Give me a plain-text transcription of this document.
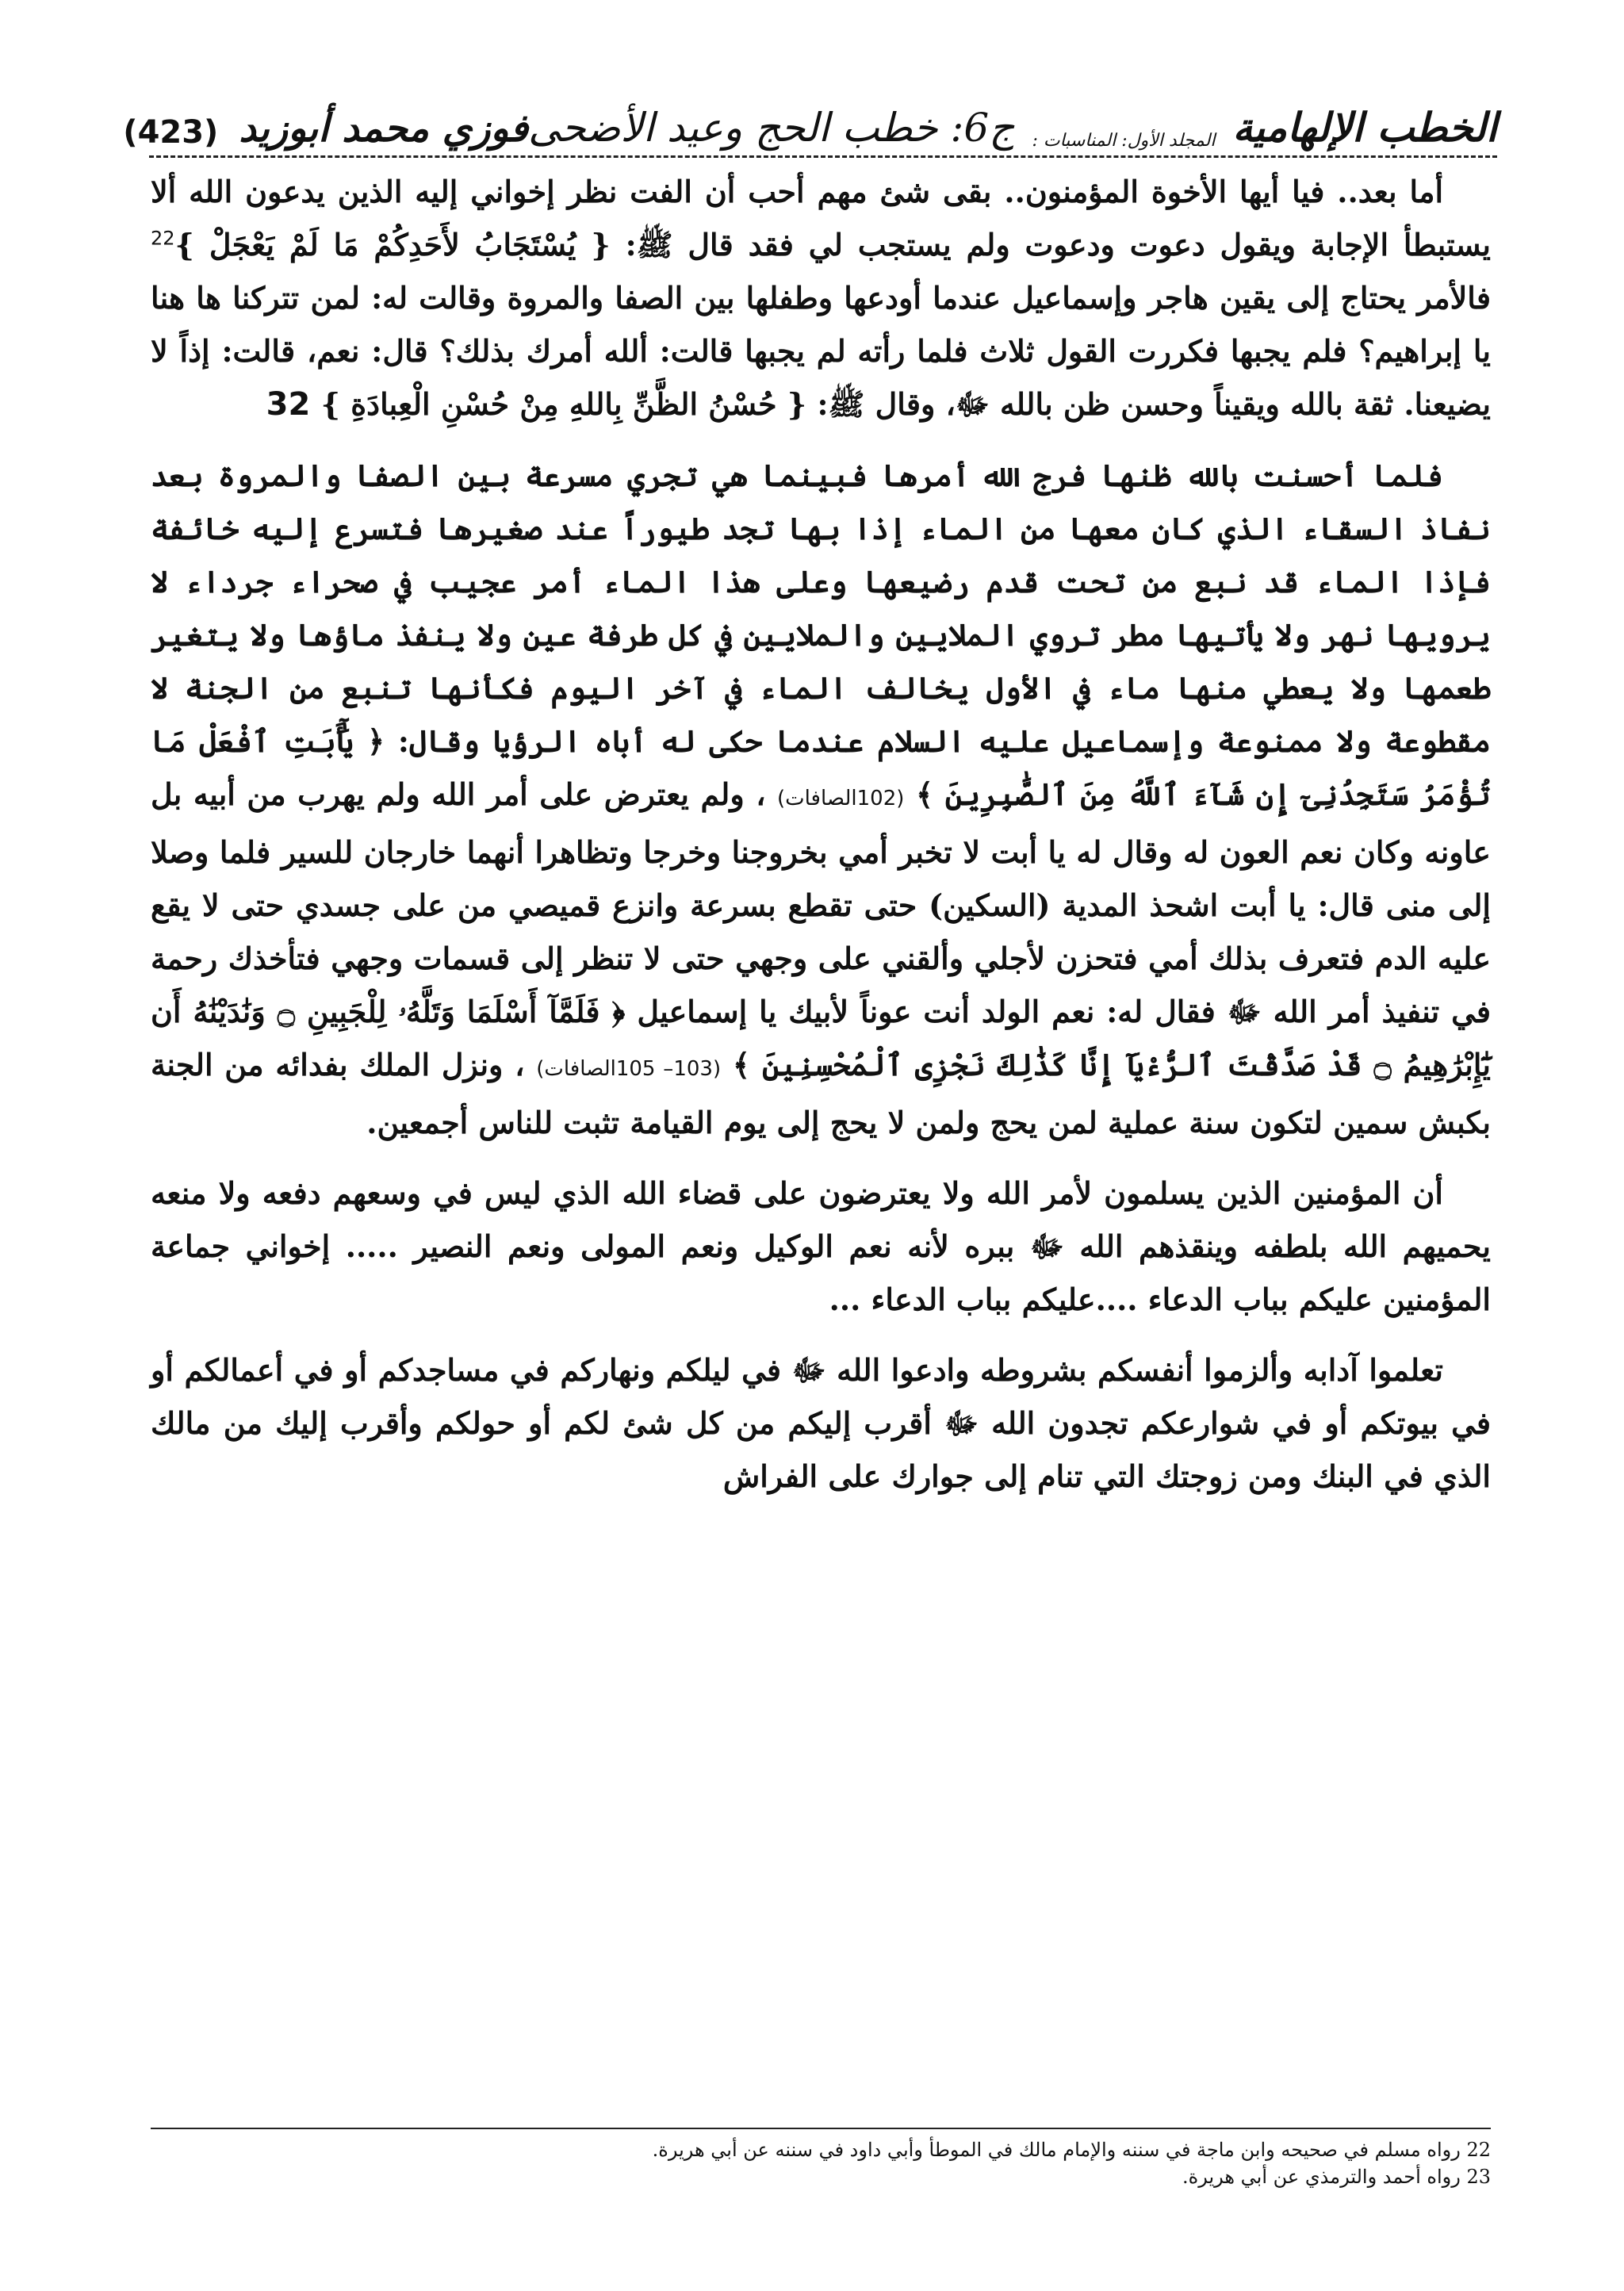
الخطب الإلهامية
المجلد الأول: المناسبات :
ج6: خطب الحج وعيد الأضحى
فوزي محمد أبوزيد
(423)

أما بعد.. فيا أيها الأخوة المؤمنون.. بقى شئ مهم أحب أن الفت نظر إخواني إليه الذين يدعون الله ألا يستبطأ الإجابة ويقول دعوت ودعوت ولم يستجب لي فقد قال ﷺ: { يُسْتَجَابُ لأَحَدِكُمْ مَا لَمْ يَعْجَلْ }$^{22}$ فالأمر يحتاج إلى يقين هاجر وإسماعيل عندما أودعها وطفلها بين الصفا والمروة وقالت له: لمن تتركنا ها هنا يا إبراهيم؟ فلم يجبها فكررت القول ثلاث فلما رأته لم يجبها قالت: ألله أمرك بذلك؟ قال: نعم، قالت: إذاً لا يضيعنا. ثقة بالله ويقيناً وحسن ظن بالله ﷻ، وقال ﷺ: { حُسْنُ الظَّنِّ بِاللهِ مِنْ حُسْنِ الْعِبادَةِ } 32

فلما أحسنت بالله ظنها فرج الله أمرها فبينما هي تجري مسرعة بين الصفا والمروة بعد نفاذ السقاء الذي كان معها من الماء إذا بها تجد طيوراً عند صغيرها فتسرع إليه خائفة فإذا الماء قد نبع من تحت قدم رضيعها وعلى هذا الماء أمر عجيب في صحراء جرداء لا يرويها نهر ولا يأتيها مطر تروي الملايين والملايين في كل طرفة عين ولا ينفذ ماؤها ولا يتغير طعمها ولا يعطي منها ماء في الأول يخالف الماء في آخر اليوم فكأنها تنبع من الجنة لا مقطوعة ولا ممنوعة وإسماعيل عليه السلام عندما حكى له أباه الرؤيا وقال: ﴿ يَٰٓأَبَتِ ٱفْعَلْ مَا تُؤْمَرُ سَتَجِدُنِىٓ إِن شَآءَ ٱللَّهُ مِنَ ٱلصَّٰبِرِينَ ﴾ (102الصافات) ، ولم يعترض على أمر الله ولم يهرب من أبيه بل عاونه وكان نعم العون له وقال له يا أبت لا تخبر أمي بخروجنا وخرجا وتظاهرا أنهما خارجان للسير فلما وصلا إلى منى قال: يا أبت اشحذ المدية (السكين) حتى تقطع بسرعة وانزع قميصي من على جسدي حتى لا يقع عليه الدم فتعرف بذلك أمي فتحزن لأجلي وألقني على وجهي حتى لا تنظر إلى قسمات وجهي فتأخذك رحمة في تنفيذ أمر الله ﷻ فقال له: نعم الولد أنت عوناً لأبيك يا إسماعيل ﴿ فَلَمَّآ أَسْلَمَا وَتَلَّهُۥ لِلْجَبِينِ ۝ وَنَٰدَيْنَٰهُ أَن يَٰٓإِبْرَٰهِيمُ ۝ قَدْ صَدَّقْتَ ٱلرُّءْيَآ إِنَّا كَذَٰلِكَ نَجْزِى ٱلْمُحْسِنِينَ ﴾ (103– 105الصافات) ، ونزل الملك بفدائه من الجنة بكبش سمين لتكون سنة عملية لمن يحج ولمن لا يحج إلى يوم القيامة تثبت للناس أجمعين.

أن المؤمنين الذين يسلمون لأمر الله ولا يعترضون على قضاء الله الذي ليس في وسعهم دفعه ولا منعه يحميهم الله بلطفه وينقذهم الله ﷻ ببره لأنه نعم الوكيل ونعم المولى ونعم النصير ..... إخواني جماعة المؤمنين عليكم بباب الدعاء ....عليكم بباب الدعاء ...

تعلموا آدابه وألزموا أنفسكم بشروطه وادعوا الله ﷻ في ليلكم ونهاركم في مساجدكم أو في أعمالكم أو في بيوتكم أو في شوارعكم تجدون الله ﷻ أقرب إليكم من كل شئ لكم أو حولكم وأقرب إليك من مالك الذي في البنك ومن زوجتك التي تنام إلى جوارك على الفراش

22 رواه مسلم في صحيحه وابن ماجة في سننه والإمام مالك في الموطأ وأبي داود في سننه عن أبي هريرة.
23 رواه أحمد والترمذي عن أبي هريرة.
